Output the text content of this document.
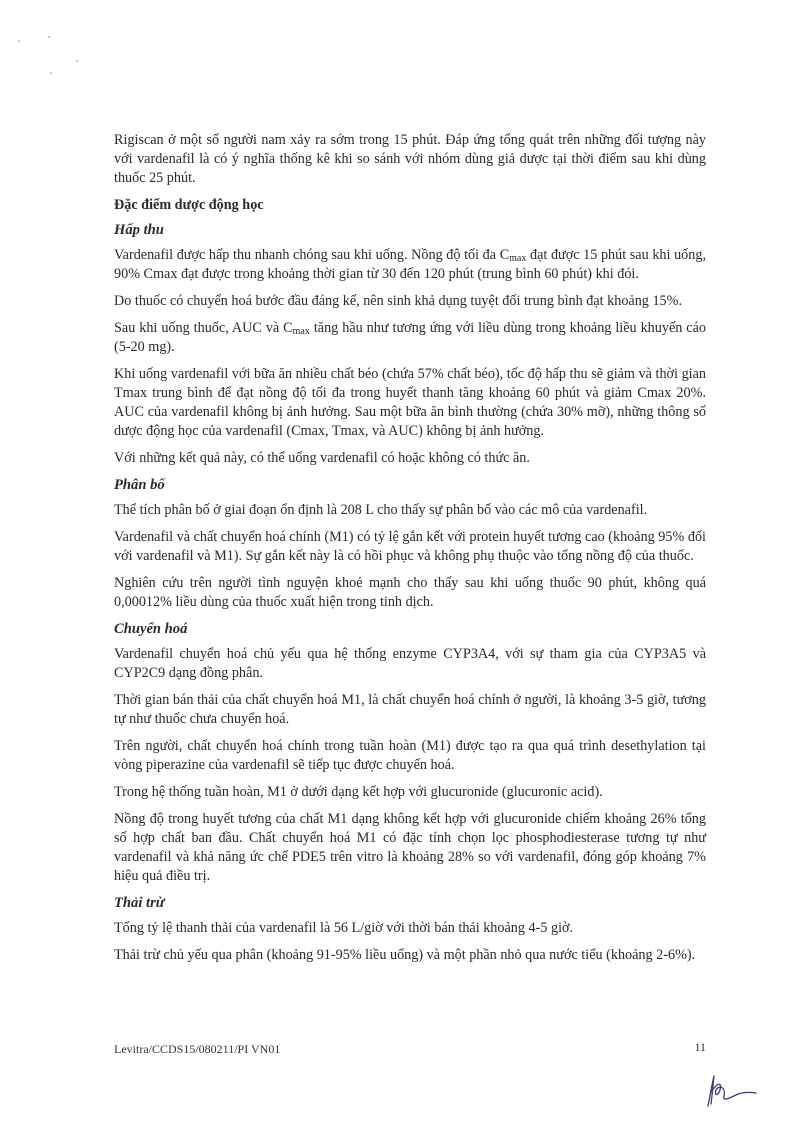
Rigiscan ở một số người nam xảy ra sớm trong 15 phút. Đáp ứng tổng quát trên những đối tượng này với vardenafil là có ý nghĩa thống kê khi so sánh với nhóm dùng giả dược tại thời điểm sau khi dùng thuốc 25 phút.

Đặc điểm dược động học
Hấp thu

Vardenafil được hấp thu nhanh chóng sau khi uống. Nồng độ tối đa $C_{max}$ đạt được 15 phút sau khi uống, 90% Cmax đạt được trong khoảng thời gian từ 30 đến 120 phút (trung bình 60 phút) khi đói.

Do thuốc có chuyển hoá bước đầu đáng kể, nên sinh khả dụng tuyệt đối trung bình đạt khoảng 15%.

Sau khi uống thuốc, AUC và $C_{max}$ tăng hầu như tương ứng với liều dùng trong khoảng liều khuyến cáo (5-20 mg).

Khi uống vardenafil với bữa ăn nhiều chất béo (chứa 57% chất béo), tốc độ hấp thu sẽ giảm và thời gian Tmax trung bình để đạt nồng độ tối đa trong huyết thanh tăng khoảng 60 phút và giảm Cmax 20%. AUC của vardenafil không bị ảnh hưởng. Sau một bữa ăn bình thường (chứa 30% mỡ), những thông số dược động học của vardenafil (Cmax, Tmax, và AUC) không bị ảnh hưởng.

Với những kết quả này, có thể uống vardenafil có hoặc không có thức ăn.

Phân bố

Thể tích phân bố ở giai đoạn ổn định là 208 L cho thấy sự phân bố vào các mô của vardenafil.

Vardenafil và chất chuyển hoá chính (M1) có tỷ lệ gắn kết với protein huyết tương cao (khoảng 95% đối với vardenafil và M1). Sự gắn kết này là có hồi phục và không phụ thuộc vào tổng nồng độ của thuốc.

Nghiên cứu trên người tình nguyện khoẻ mạnh cho thấy sau khi uống thuốc 90 phút, không quá 0,00012% liều dùng của thuốc xuất hiện trong tinh dịch.

Chuyển hoá

Vardenafil chuyển hoá chủ yếu qua hệ thống enzyme CYP3A4, với sự tham gia của CYP3A5 và CYP2C9 dạng đồng phân.

Thời gian bán thải của chất chuyển hoá M1, là chất chuyển hoá chính ở người, là khoảng 3-5 giờ, tương tự như thuốc chưa chuyển hoá.

Trên người, chất chuyển hoá chính trong tuần hoàn (M1) được tạo ra qua quá trình desethylation tại vòng piperazine của vardenafil sẽ tiếp tục được chuyển hoá.

Trong hệ thống tuần hoàn, M1 ở dưới dạng kết hợp với glucuronide (glucuronic acid).

Nồng độ trong huyết tương của chất M1 dạng không kết hợp với glucuronide chiếm khoảng 26% tổng số hợp chất ban đầu. Chất chuyển hoá M1 có đặc tính chọn lọc phosphodiesterase tương tự như vardenafil và khả năng ức chế PDE5 trên vitro là khoảng 28% so với vardenafil, đóng góp khoảng 7% hiệu quả điều trị.

Thải trừ

Tổng tỷ lệ thanh thải của vardenafil là 56 L/giờ với thời bán thải khoảng 4-5 giờ.

Thải trừ chủ yếu qua phân (khoảng 91-95% liều uống) và một phần nhỏ qua nước tiểu (khoảng 2-6%).

Levitra/CCDS15/080211/PI VN01	11
